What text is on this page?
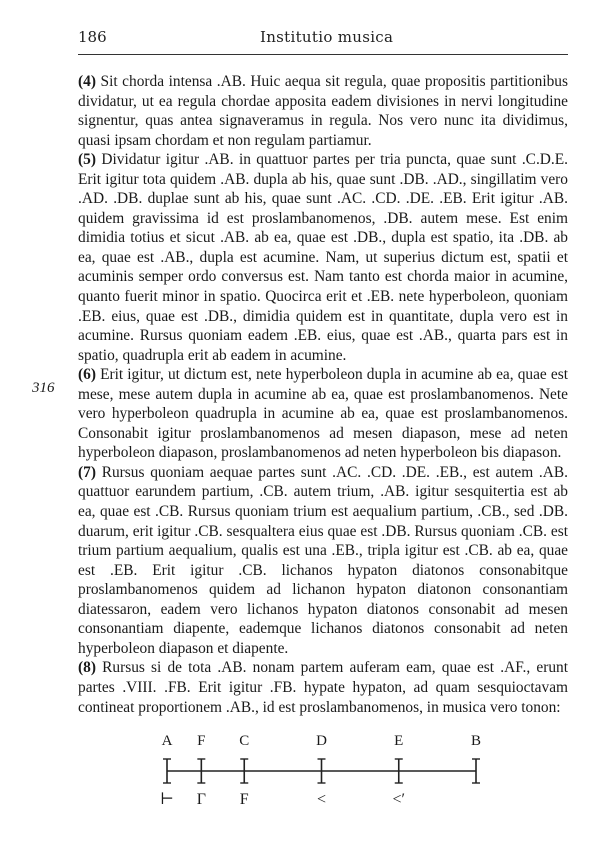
186	Institutio musica
316

(4) Sit chorda intensa .AB. Huic aequa sit regula, quae propositis partitionibus dividatur, ut ea regula chordae apposita eadem divisiones in nervi longitudine signentur, quas antea signaveramus in regula. Nos vero nunc ita dividimus, quasi ipsam chordam et non regulam partiamur.

(5) Dividatur igitur .AB. in quattuor partes per tria puncta, quae sunt .C.D.E. Erit igitur tota quidem .AB. dupla ab his, quae sunt .DB. .AD., singillatim vero .AD. .DB. duplae sunt ab his, quae sunt .AC. .CD. .DE. .EB. Erit igitur .AB. quidem gravissima id est proslambanomenos, .DB. autem mese. Est enim dimidia totius et sicut .AB. ab ea, quae est .DB., dupla est spatio, ita .DB. ab ea, quae est .AB., dupla est acumine. Nam, ut superius dictum est, spatii et acuminis semper ordo conversus est. Nam tanto est chorda maior in acumine, quanto fuerit minor in spatio. Quocirca erit et .EB. nete hyperboleon, quoniam .EB. eius, quae est .DB., dimidia quidem est in quantitate, dupla vero est in acumine. Rursus quoniam eadem .EB. eius, quae est .AB., quarta pars est in spatio, quadrupla erit ab eadem in acumine.

(6) Erit igitur, ut dictum est, nete hyperboleon dupla in acumine ab ea, quae est mese, mese autem dupla in acumine ab ea, quae est proslambanomenos. Nete vero hyperboleon quadrupla in acumine ab ea, quae est proslambanomenos. Consonabit igitur proslambanomenos ad mesen diapason, mese ad neten hyperboleon diapason, proslambanomenos ad neten hyperboleon bis diapason.

(7) Rursus quoniam aequae partes sunt .AC. .CD. .DE. .EB., est autem .AB. quattuor earundem partium, .CB. autem trium, .AB. igitur sesquitertia est ab ea, quae est .CB. Rursus quoniam trium est aequalium partium, .CB., sed .DB. duarum, erit igitur .CB. sesqualtera eius quae est .DB. Rursus quoniam .CB. est trium partium aequalium, qualis est una .EB., tripla igitur est .CB. ab ea, quae est .EB. Erit igitur .CB. lichanos hypaton diatonos consonabitque proslambanomenos quidem ad lichanon hypaton diatonon consonantiam diatessaron, eadem vero lichanos hypaton diatonos consonabit ad mesen consonantiam diapente, eademque lichanos diatonos consonabit ad neten hyperboleon diapason et diapente.

(8) Rursus si de tota .AB. nonam partem auferam eam, quae est .AF., erunt partes .VIII. .FB. Erit igitur .FB. hypate hypaton, ad quam sesquioctavam contineat proportionem .AB., id est proslambanomenos, in musica vero tonon:

A
⊢
F
Γ
C
F
D
<
E
<′
B
